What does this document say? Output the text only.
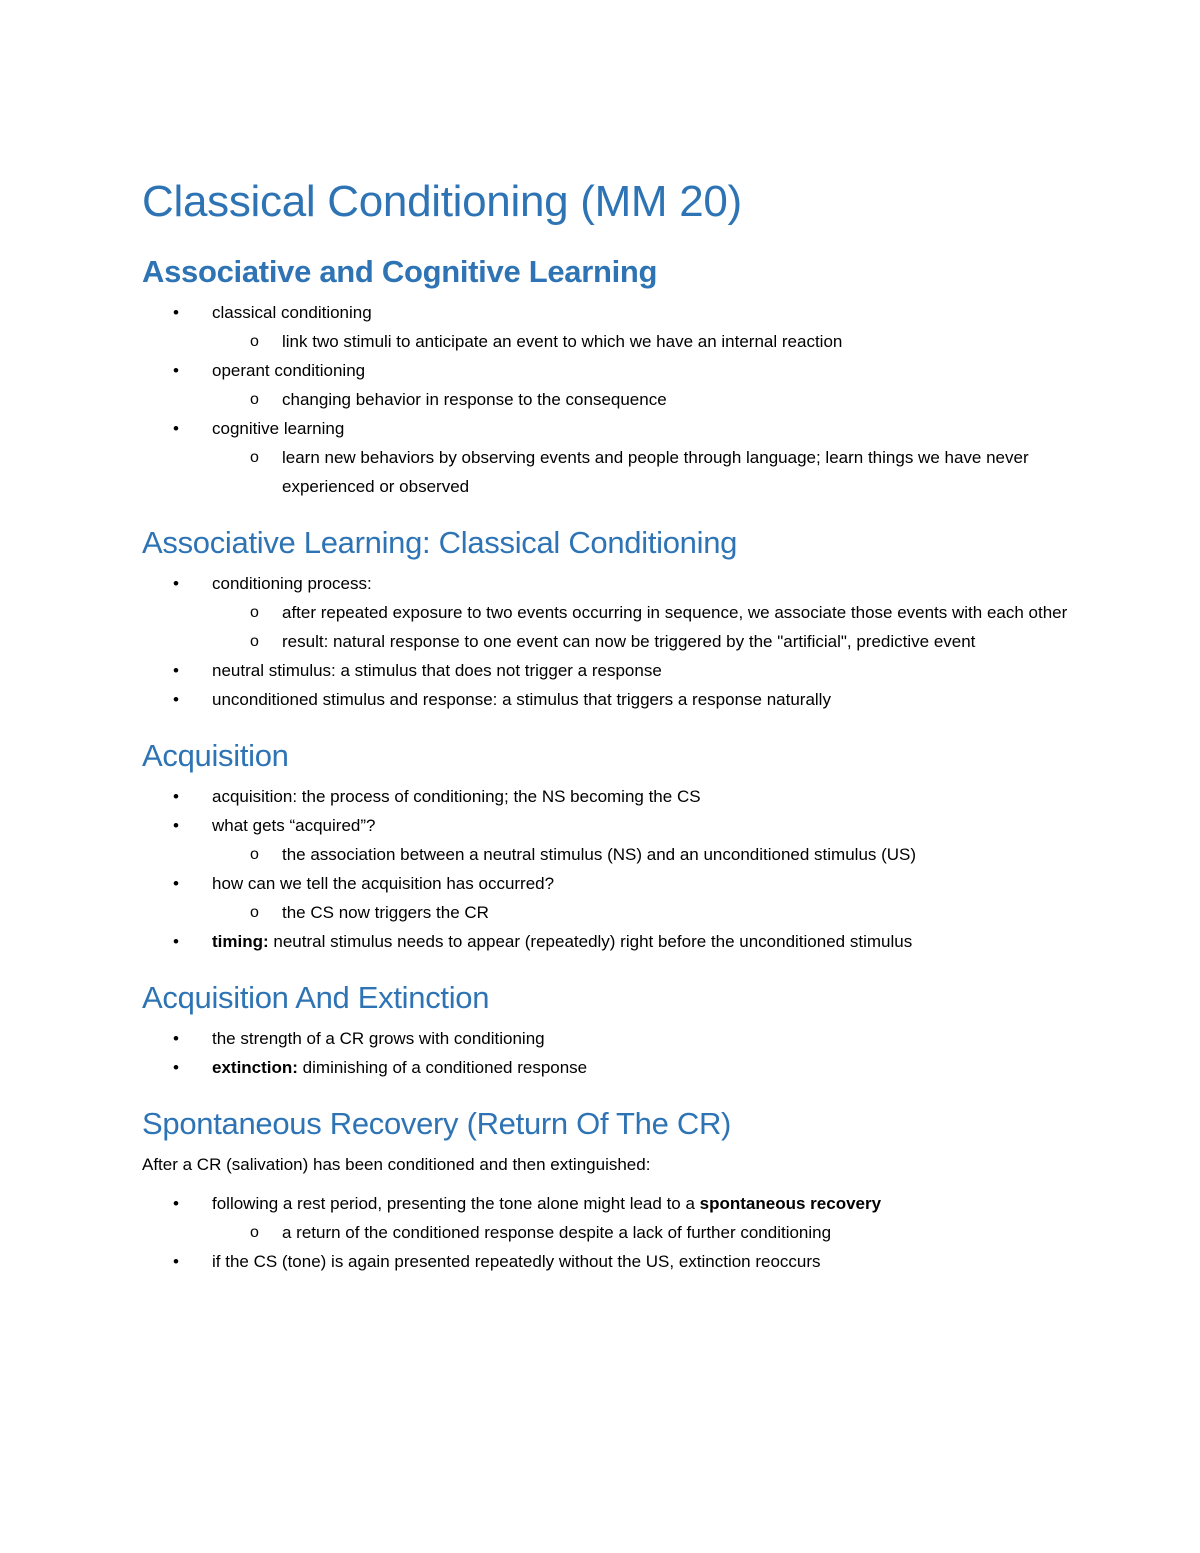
Classical Conditioning (MM 20)
Associative and Cognitive Learning
• classical conditioning
o link two stimuli to anticipate an event to which we have an internal reaction
• operant conditioning
o changing behavior in response to the consequence
• cognitive learning
o learn new behaviors by observing events and people through language; learn things we have never experienced or observed
Associative Learning: Classical Conditioning
• conditioning process:
o after repeated exposure to two events occurring in sequence, we associate those events with each other
o result: natural response to one event can now be triggered by the "artificial", predictive event
• neutral stimulus: a stimulus that does not trigger a response
• unconditioned stimulus and response: a stimulus that triggers a response naturally
Acquisition
• acquisition: the process of conditioning; the NS becoming the CS
• what gets “acquired”?
o the association between a neutral stimulus (NS) and an unconditioned stimulus (US)
• how can we tell the acquisition has occurred?
o the CS now triggers the CR
• timing: neutral stimulus needs to appear (repeatedly) right before the unconditioned stimulus
Acquisition And Extinction
• the strength of a CR grows with conditioning
• extinction: diminishing of a conditioned response
Spontaneous Recovery (Return Of The CR)

After a CR (salivation) has been conditioned and then extinguished:

• following a rest period, presenting the tone alone might lead to a spontaneous recovery
o a return of the conditioned response despite a lack of further conditioning
• if the CS (tone) is again presented repeatedly without the US, extinction reoccurs
